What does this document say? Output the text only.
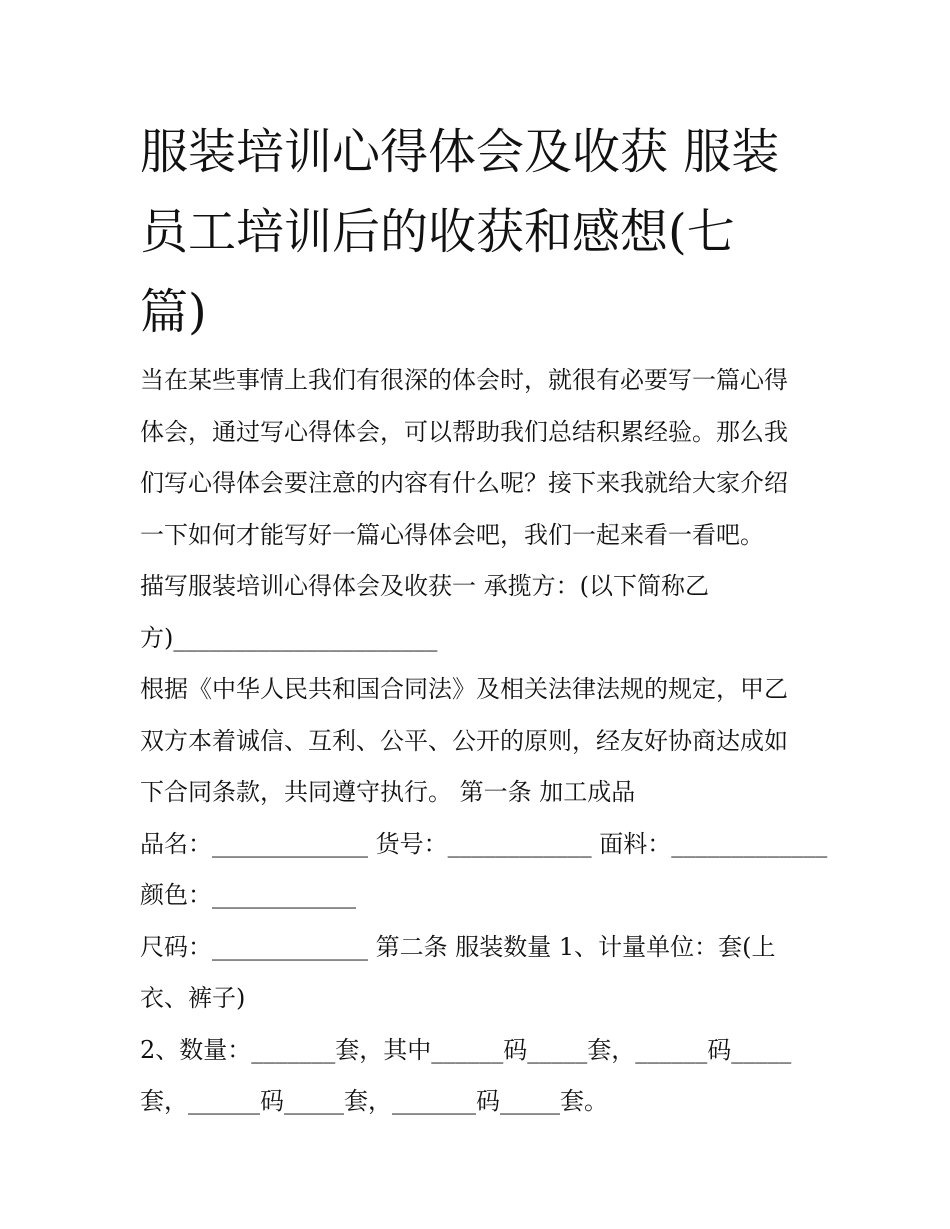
服装培训心得体会及收获 服装
员工培训后的收获和感想(七
篇)
当在某些事情上我们有很深的体会时，就很有必要写一篇心得
体会，通过写心得体会，可以帮助我们总结积累经验。那么我
们写心得体会要注意的内容有什么呢？接下来我就给大家介绍
一下如何才能写好一篇心得体会吧，我们一起来看一看吧。
描写服装培训心得体会及收获一 承揽方：(以下简称乙
方)______________________
根据《中华人民共和国合同法》及相关法律法规的规定，甲乙
双方本着诚信、互利、公平、公开的原则，经友好协商达成如
下合同条款，共同遵守执行。 第一条 加工成品
品名：_____________ 货号：____________ 面料：_____________
颜色：____________
尺码：_____________ 第二条 服装数量 1、计量单位：套(上
衣、裤子)
2、数量：_______套，其中______码_____套，______码_____
套，______码_____套，_______码_____套。
